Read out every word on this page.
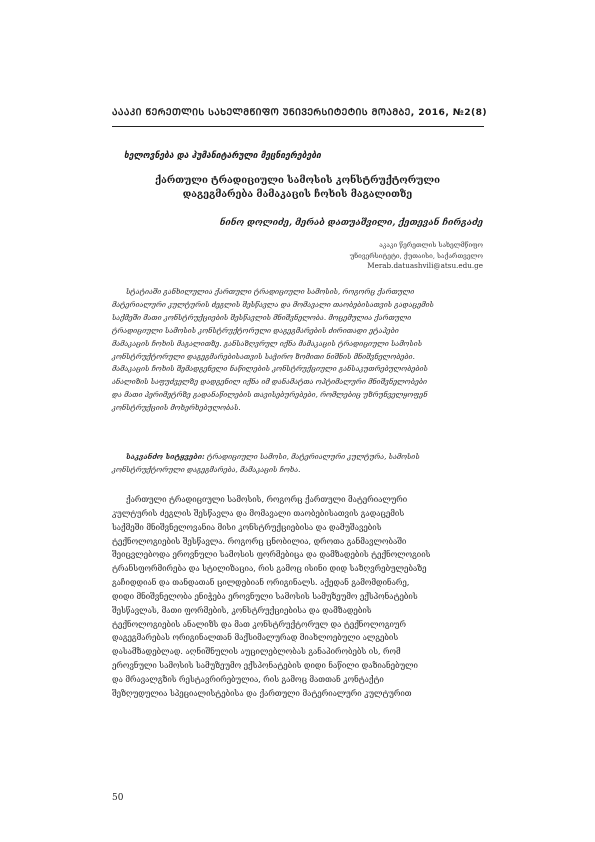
ᲐᲐᲐᲙᲘ ᲬᲔᲠᲔᲗᲚᲘᲡ ᲡᲐᲮᲔᲚᲛᲬᲘᲤᲝ ᲣᲜᲘᲕᲔᲠᲡᲘᲢᲔᲢᲘᲡ ᲛᲝᲐᲛᲑᲔ, 2016, №2(8)
ხელოვნება და ჰუმანიტარული მეცნიერებები
ქართული ტრადიციული სამოსის კონსტრუქტორული
დაგეგმარება მამაკაცის ჩოხის მაგალითზე
ნინო დოლიძე, მერაბ დათუაშვილი, ქეთევან ჩირგაძე
აკაკი წერეთლის სახელმწიფო
უნივერსიტეტი, ქუთაისი, საქართველო
Merab.datuashvili@atsu.edu.ge
სტატიაში განხილულია ქართული ტრადიციული სამოსის, როგორც ქართული
მატერიალური კულტურის ძეგლის შესწავლა და მომავალი თაობებისათვის გადაცემის
საქმეში მათი კონსტრუქციების შესწავლის მნიშვნელობა. მოცემულია ქართული
ტრადიციული სამოსის კონსტრუქტორული დაგეგმარების ძირითადი ეტაპები
მამაკაცის ჩოხის მაგალითზე. განსაზღვრულ იქნა მამაკაცის ტრადიციული სამოსის
კონსტრუქტორული დაგეგმარებისათვის საჭირო ზომითი ნიშნის მნიშვნელობები.
მამაკაცის ჩოხის შემადგენელი ნაწილების კონსტრუქციული განსაკუთრებულობების
ანალიზის საფუძველზე დადგენილ იქნა იმ დანამატთა ოპტიმალური მნიშვნელობები
და მათი პერიმეტრზე გადანაწილების თავისებურებები, რომლებიც უზრუნველყოფენ
კონსტრუქციის მოხერხებულობას.
საკვანძო სიტყვები: ტრადიციული სამოსი, მატერიალური კულტურა, სამოსის
კონსტრუქტორული დაგეგმარება, მამაკაცის ჩოხა.
ქართული ტრადიციული სამოსის, როგორც ქართული მატერიალური
კულტურის ძეგლის შესწავლა და მომავალი თაობებისათვის გადაცემის
საქმეში მნიშვნელოვანია მისი კონსტრუქციებისა და დამუშავების
ტექნოლოგიების შესწავლა. როგორც ცნობილია, დროთა განმავლობაში
შეიცვლებოდა ეროვნული სამოსის ფორმებიცა და დამზადების ტექნოლოგიის
ტრანსფორმირება და სტილიზაცია, რის გამოც ისინი დიდ საზღვრებულებაზე
გაჩიდდიან და თანდათან ცილდებიან ორიგინალს. აქედან გამომდინარე,
დიდი მნიშვნელობა ენიჭება ეროვნული სამოსის სამუზეუმო ექსპონატების
შესწავლას, მათი ფორმების, კონსტრუქციებისა და დამზადების
ტექნოლოგიების ანალიზს და მათ კონსტრუქტორულ და ტექნოლოგიურ
დაგეგმარებას ორიგინალთან მაქსიმალურად მიახლოებული ალგების
დასამზადებლად. აღნიშნულის აუცილებლობას განაპირობებს ის, რომ
ეროვნული სამოსის სამუზეუმო ექსპონატების დიდი ნაწილი დაზიანებული
და მრავალგზის რესტავრირებულია, რის გამოც მათთან კონტაქტი
შეზღუდულია სპეციალისტებისა და ქართული მატერიალური კულტურით
50
